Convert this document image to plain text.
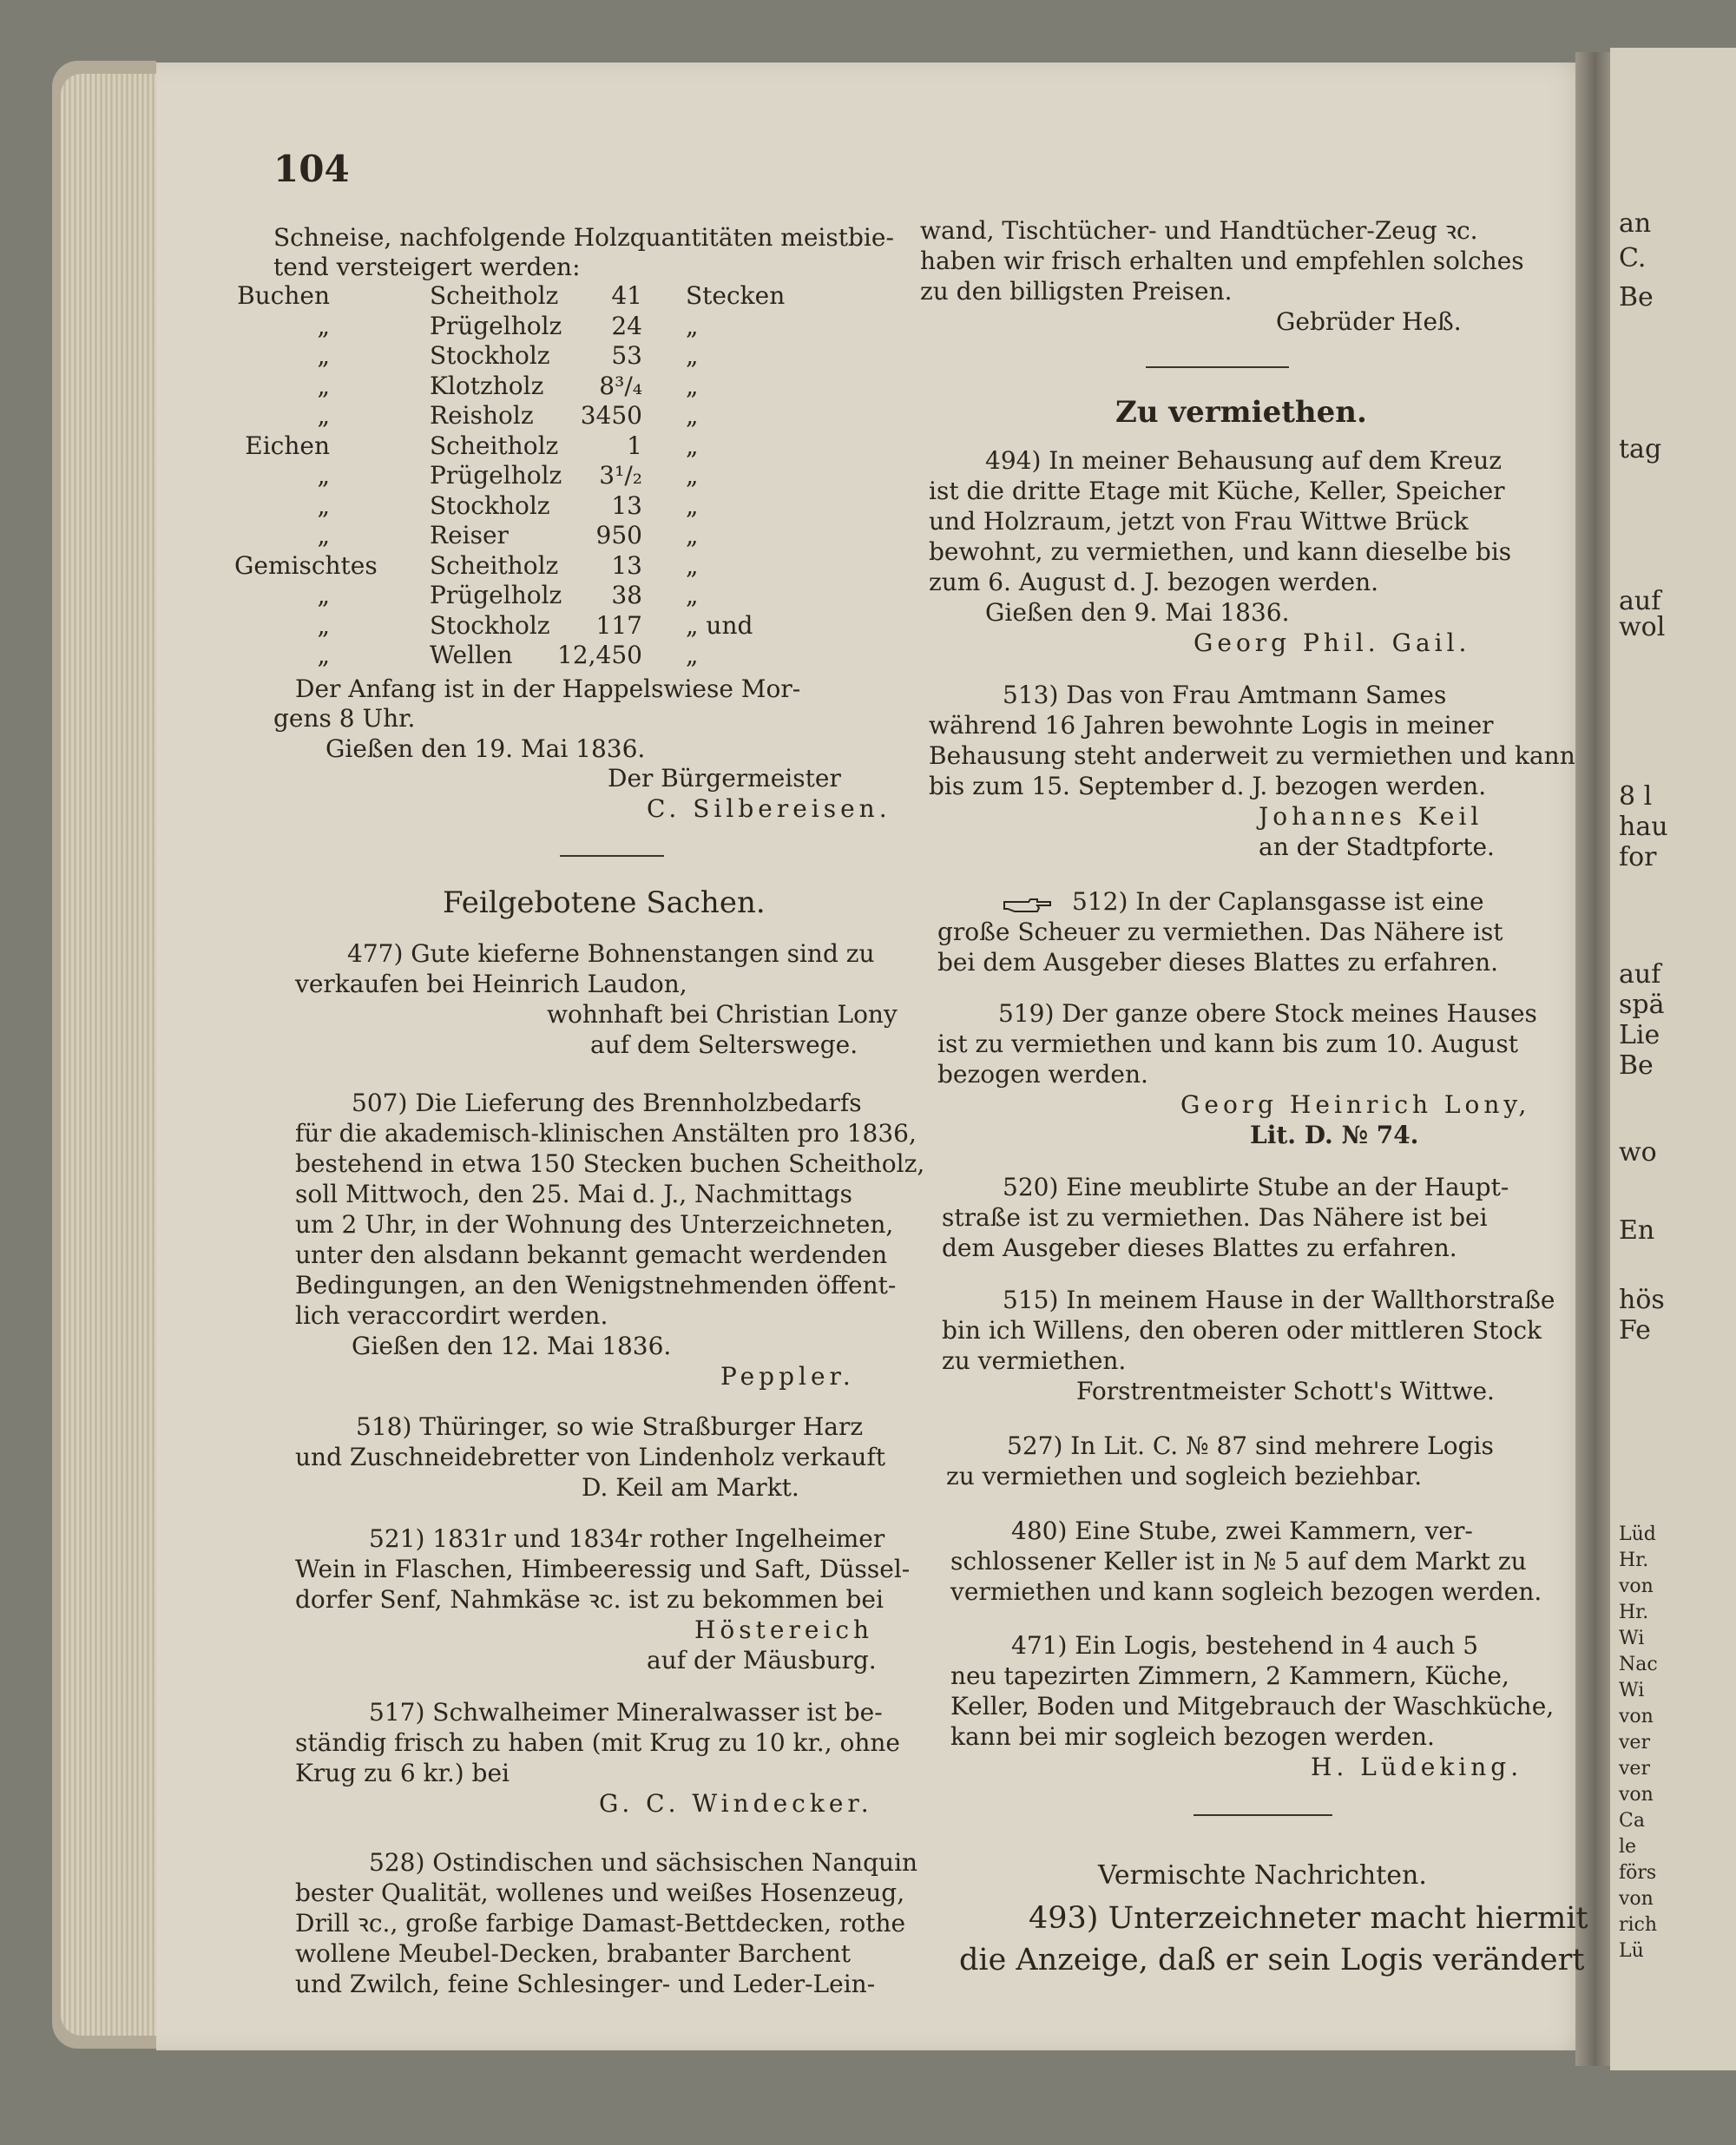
an
C.
Be
tag
auf
wol
8 l
hau
for
auf
spä
Lie
Be
wo
En
hös
Fe
Lüd
Hr.
von
Hr.
Wi
Nac
Wi
von
ver
ver
von
Ca
le
förs
von
rich
Lü
104
Schneise, nachfolgende Holzquantitäten meistbie-
tend versteigert werden:
Buchen	Scheitholz	41 Stecken
„	Prügelholz	24 „
„	Stockholz	53 „
„	Klotzholz	8³/₄ „
„	Reisholz	3450 „
Eichen	Scheitholz	1 „
„	Prügelholz	3¹/₂ „
„	Stockholz	13 „
„	Reiser	950 „
Gemischtes Scheitholz	13 „
„	Prügelholz	38 „
„	Stockholz	117 „ und
„	Wellen	12,450 „
Der Anfang ist in der Happelswiese Mor-
gens 8 Uhr.
Gießen den 19. Mai 1836.
Der Bürgermeister
C. Silbereisen.
Feilgebotene Sachen.
477) Gute kieferne Bohnenstangen sind zu
verkaufen bei Heinrich Laudon,
wohnhaft bei Christian Lony
auf dem Selterswege.
507) Die Lieferung des Brennholzbedarfs
für die akademisch-klinischen Anstälten pro 1836,
bestehend in etwa 150 Stecken buchen Scheitholz,
soll Mittwoch, den 25. Mai d. J., Nachmittags
um 2 Uhr, in der Wohnung des Unterzeichneten,
unter den alsdann bekannt gemacht werdenden
Bedingungen, an den Wenigstnehmenden öffent-
lich veraccordirt werden.
Gießen den 12. Mai 1836.
Peppler.
518) Thüringer, so wie Straßburger Harz
und Zuschneidebretter von Lindenholz verkauft
D. Keil am Markt.
521) 1831r und 1834r rother Ingelheimer
Wein in Flaschen, Himbeeressig und Saft, Düssel-
dorfer Senf, Nahmkäse ꝛc. ist zu bekommen bei
Höstereich
auf der Mäusburg.
517) Schwalheimer Mineralwasser ist be-
ständig frisch zu haben (mit Krug zu 10 kr., ohne
Krug zu 6 kr.) bei
G. C. Windecker.
528) Ostindischen und sächsischen Nanquin
bester Qualität, wollenes und weißes Hosenzeug,
Drill ꝛc., große farbige Damast-Bettdecken, rothe
wollene Meubel-Decken, brabanter Barchent
und Zwilch, feine Schlesinger- und Leder-Lein-
wand, Tischtücher- und Handtücher-Zeug ꝛc.
haben wir frisch erhalten und empfehlen solches
zu den billigsten Preisen.
Gebrüder Heß.
Zu vermiethen.
494) In meiner Behausung auf dem Kreuz
ist die dritte Etage mit Küche, Keller, Speicher
und Holzraum, jetzt von Frau Wittwe Brück
bewohnt, zu vermiethen, und kann dieselbe bis
zum 6. August d. J. bezogen werden.
Gießen den 9. Mai 1836.
Georg Phil. Gail.
513) Das von Frau Amtmann Sames
während 16 Jahren bewohnte Logis in meiner
Behausung steht anderweit zu vermiethen und kann
bis zum 15. September d. J. bezogen werden.
Johannes Keil
an der Stadtpforte.
512) In der Caplansgasse ist eine
große Scheuer zu vermiethen. Das Nähere ist
bei dem Ausgeber dieses Blattes zu erfahren.
519) Der ganze obere Stock meines Hauses
ist zu vermiethen und kann bis zum 10. August
bezogen werden.
Georg Heinrich Lony,
Lit. D. № 74.
520) Eine meublirte Stube an der Haupt-
straße ist zu vermiethen. Das Nähere ist bei
dem Ausgeber dieses Blattes zu erfahren.
515) In meinem Hause in der Wallthorstraße
bin ich Willens, den oberen oder mittleren Stock
zu vermiethen.
Forstrentmeister Schott's Wittwe.
527) In Lit. C. № 87 sind mehrere Logis
zu vermiethen und sogleich beziehbar.
480) Eine Stube, zwei Kammern, ver-
schlossener Keller ist in № 5 auf dem Markt zu
vermiethen und kann sogleich bezogen werden.
471) Ein Logis, bestehend in 4 auch 5
neu tapezirten Zimmern, 2 Kammern, Küche,
Keller, Boden und Mitgebrauch der Waschküche,
kann bei mir sogleich bezogen werden.
H. Lüdeking.
Vermischte Nachrichten.
493) Unterzeichneter macht hiermit
die Anzeige, daß er sein Logis verändert
